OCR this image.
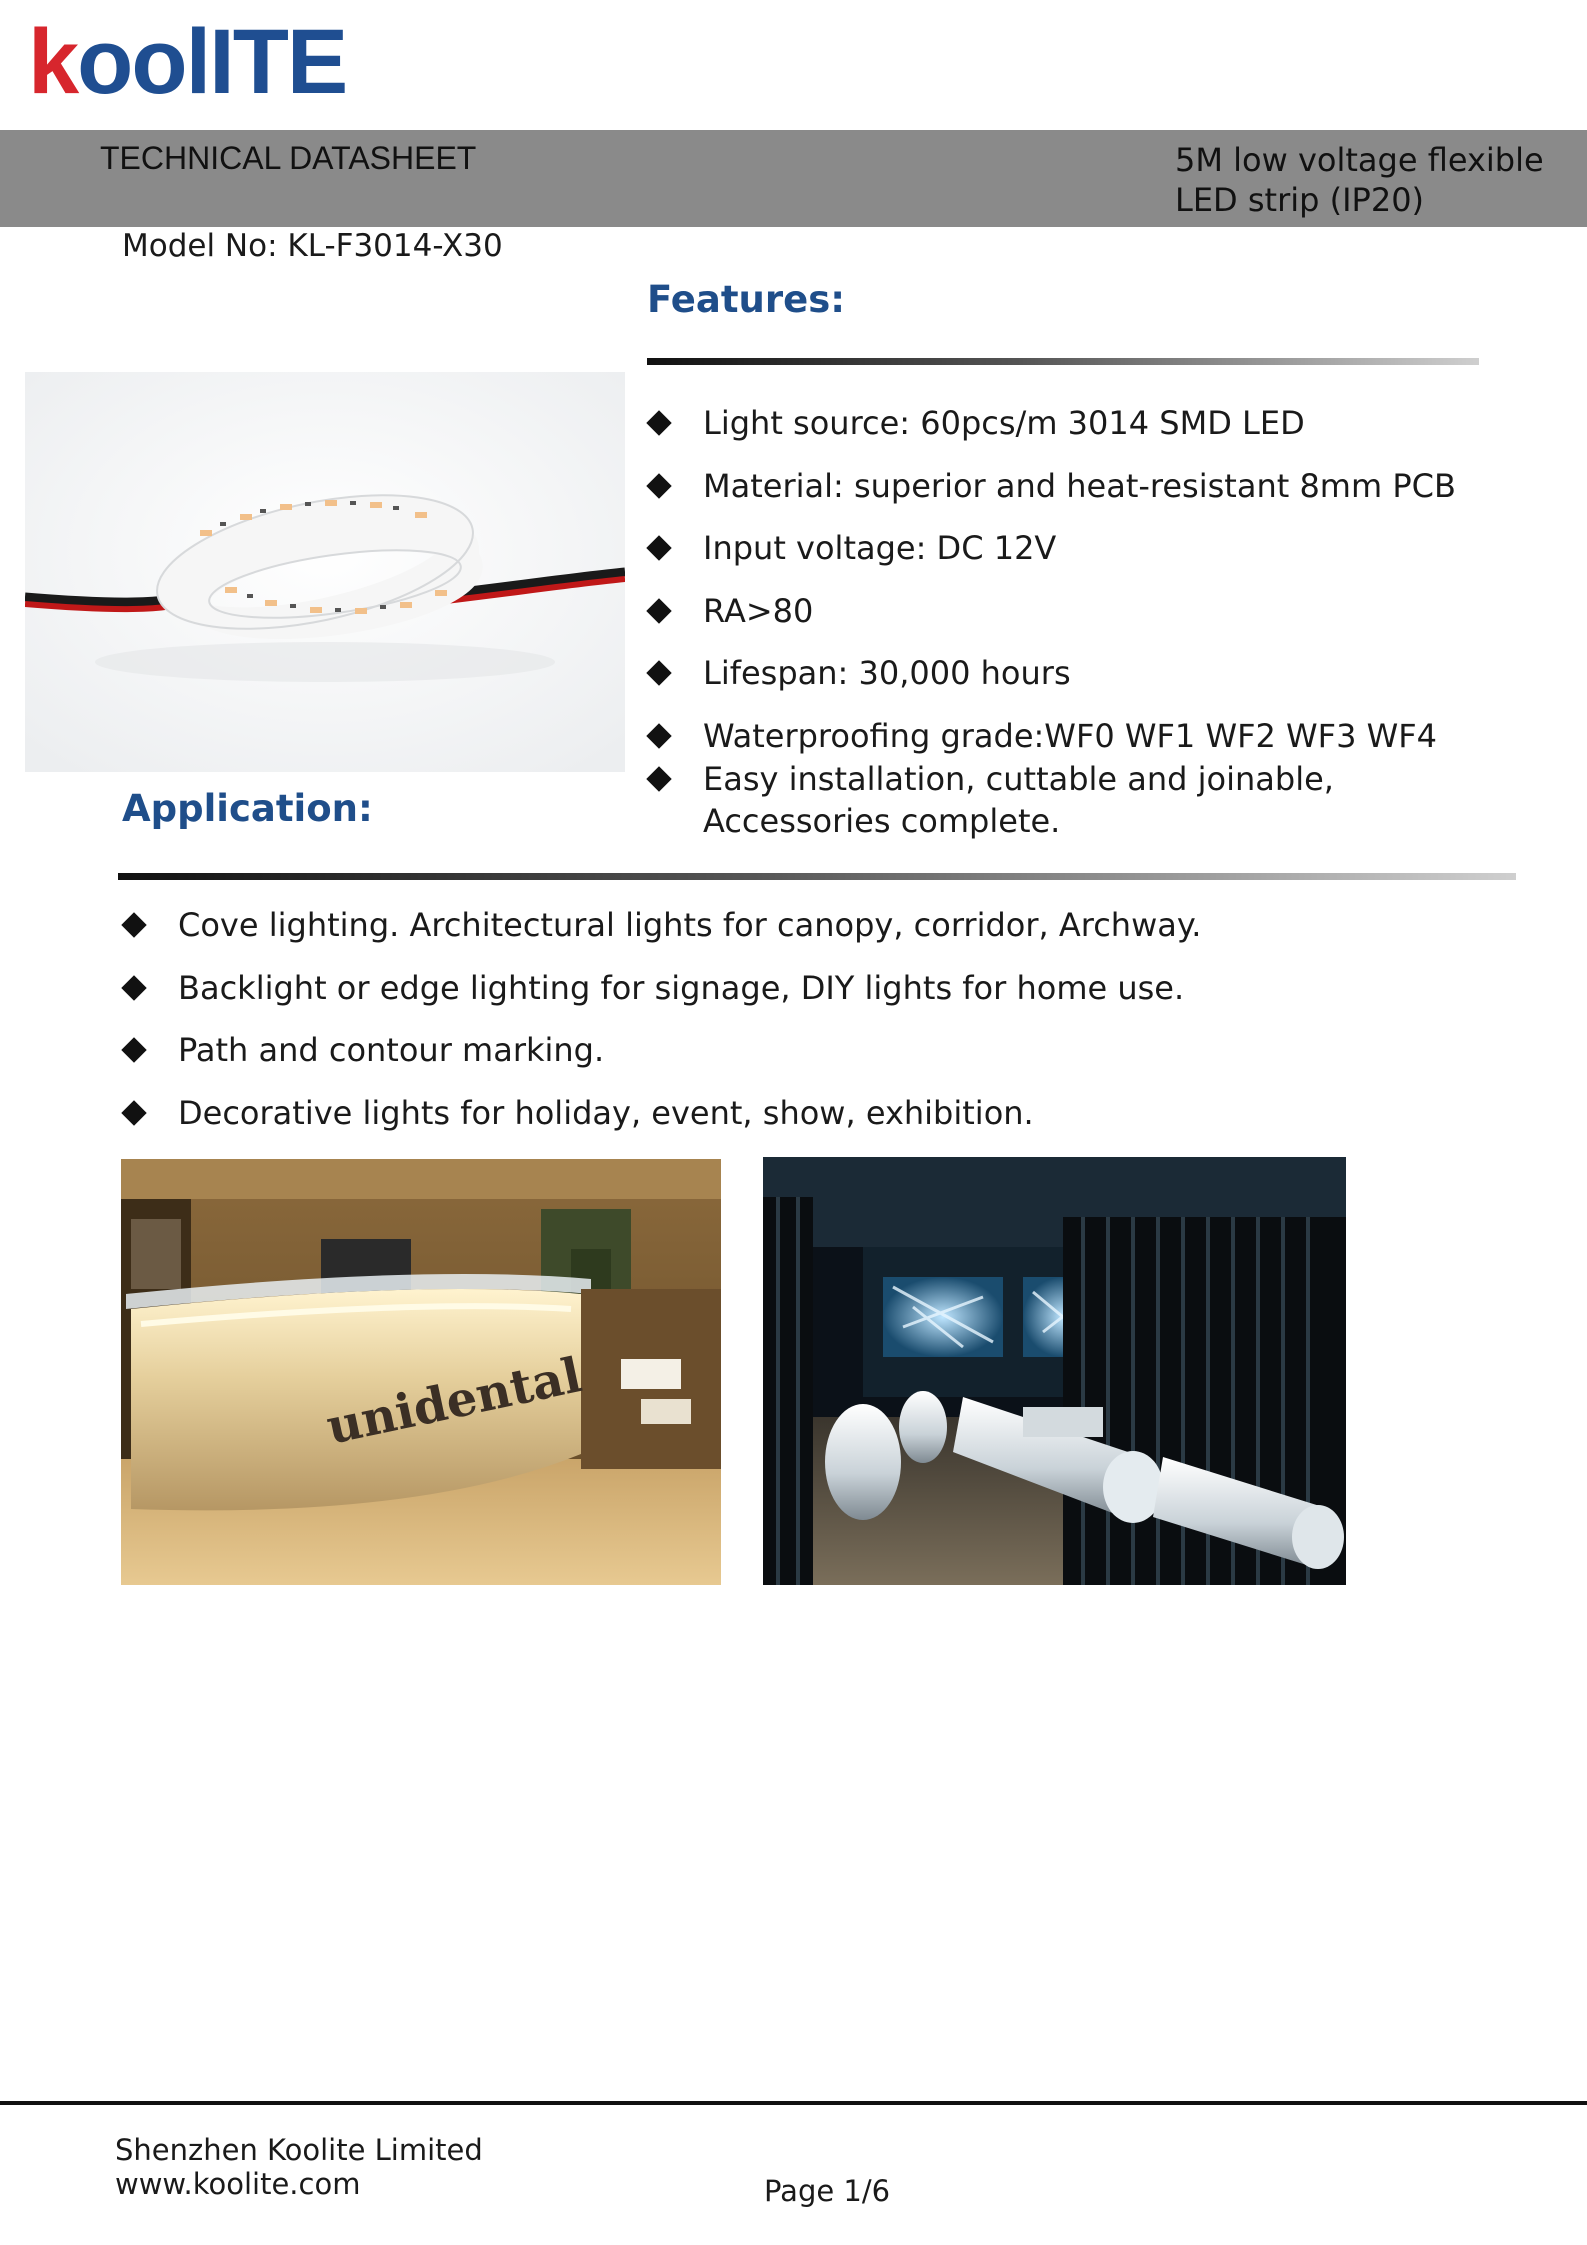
koolITE
TECHNICAL DATASHEET	5M low voltage flexible
LED strip (IP20)
Model No: KL-F3014-X30
Features:
Light source: 60pcs/m 3014 SMD LED
Material: superior and heat-resistant 8mm PCB
Input voltage: DC 12V
RA>80
Lifespan: 30,000 hours
Waterproofing grade:WF0 WF1 WF2 WF3 WF4
Easy installation, cuttable and joinable,
Accessories complete.
Application:
Cove lighting. Architectural lights for canopy, corridor, Archway.
Backlight or edge lighting for signage, DIY lights for home use.
Path and contour marking.
Decorative lights for holiday, event, show, exhibition.
unidental
Shenzhen Koolite Limited
www.koolite.com	Page 1/6
